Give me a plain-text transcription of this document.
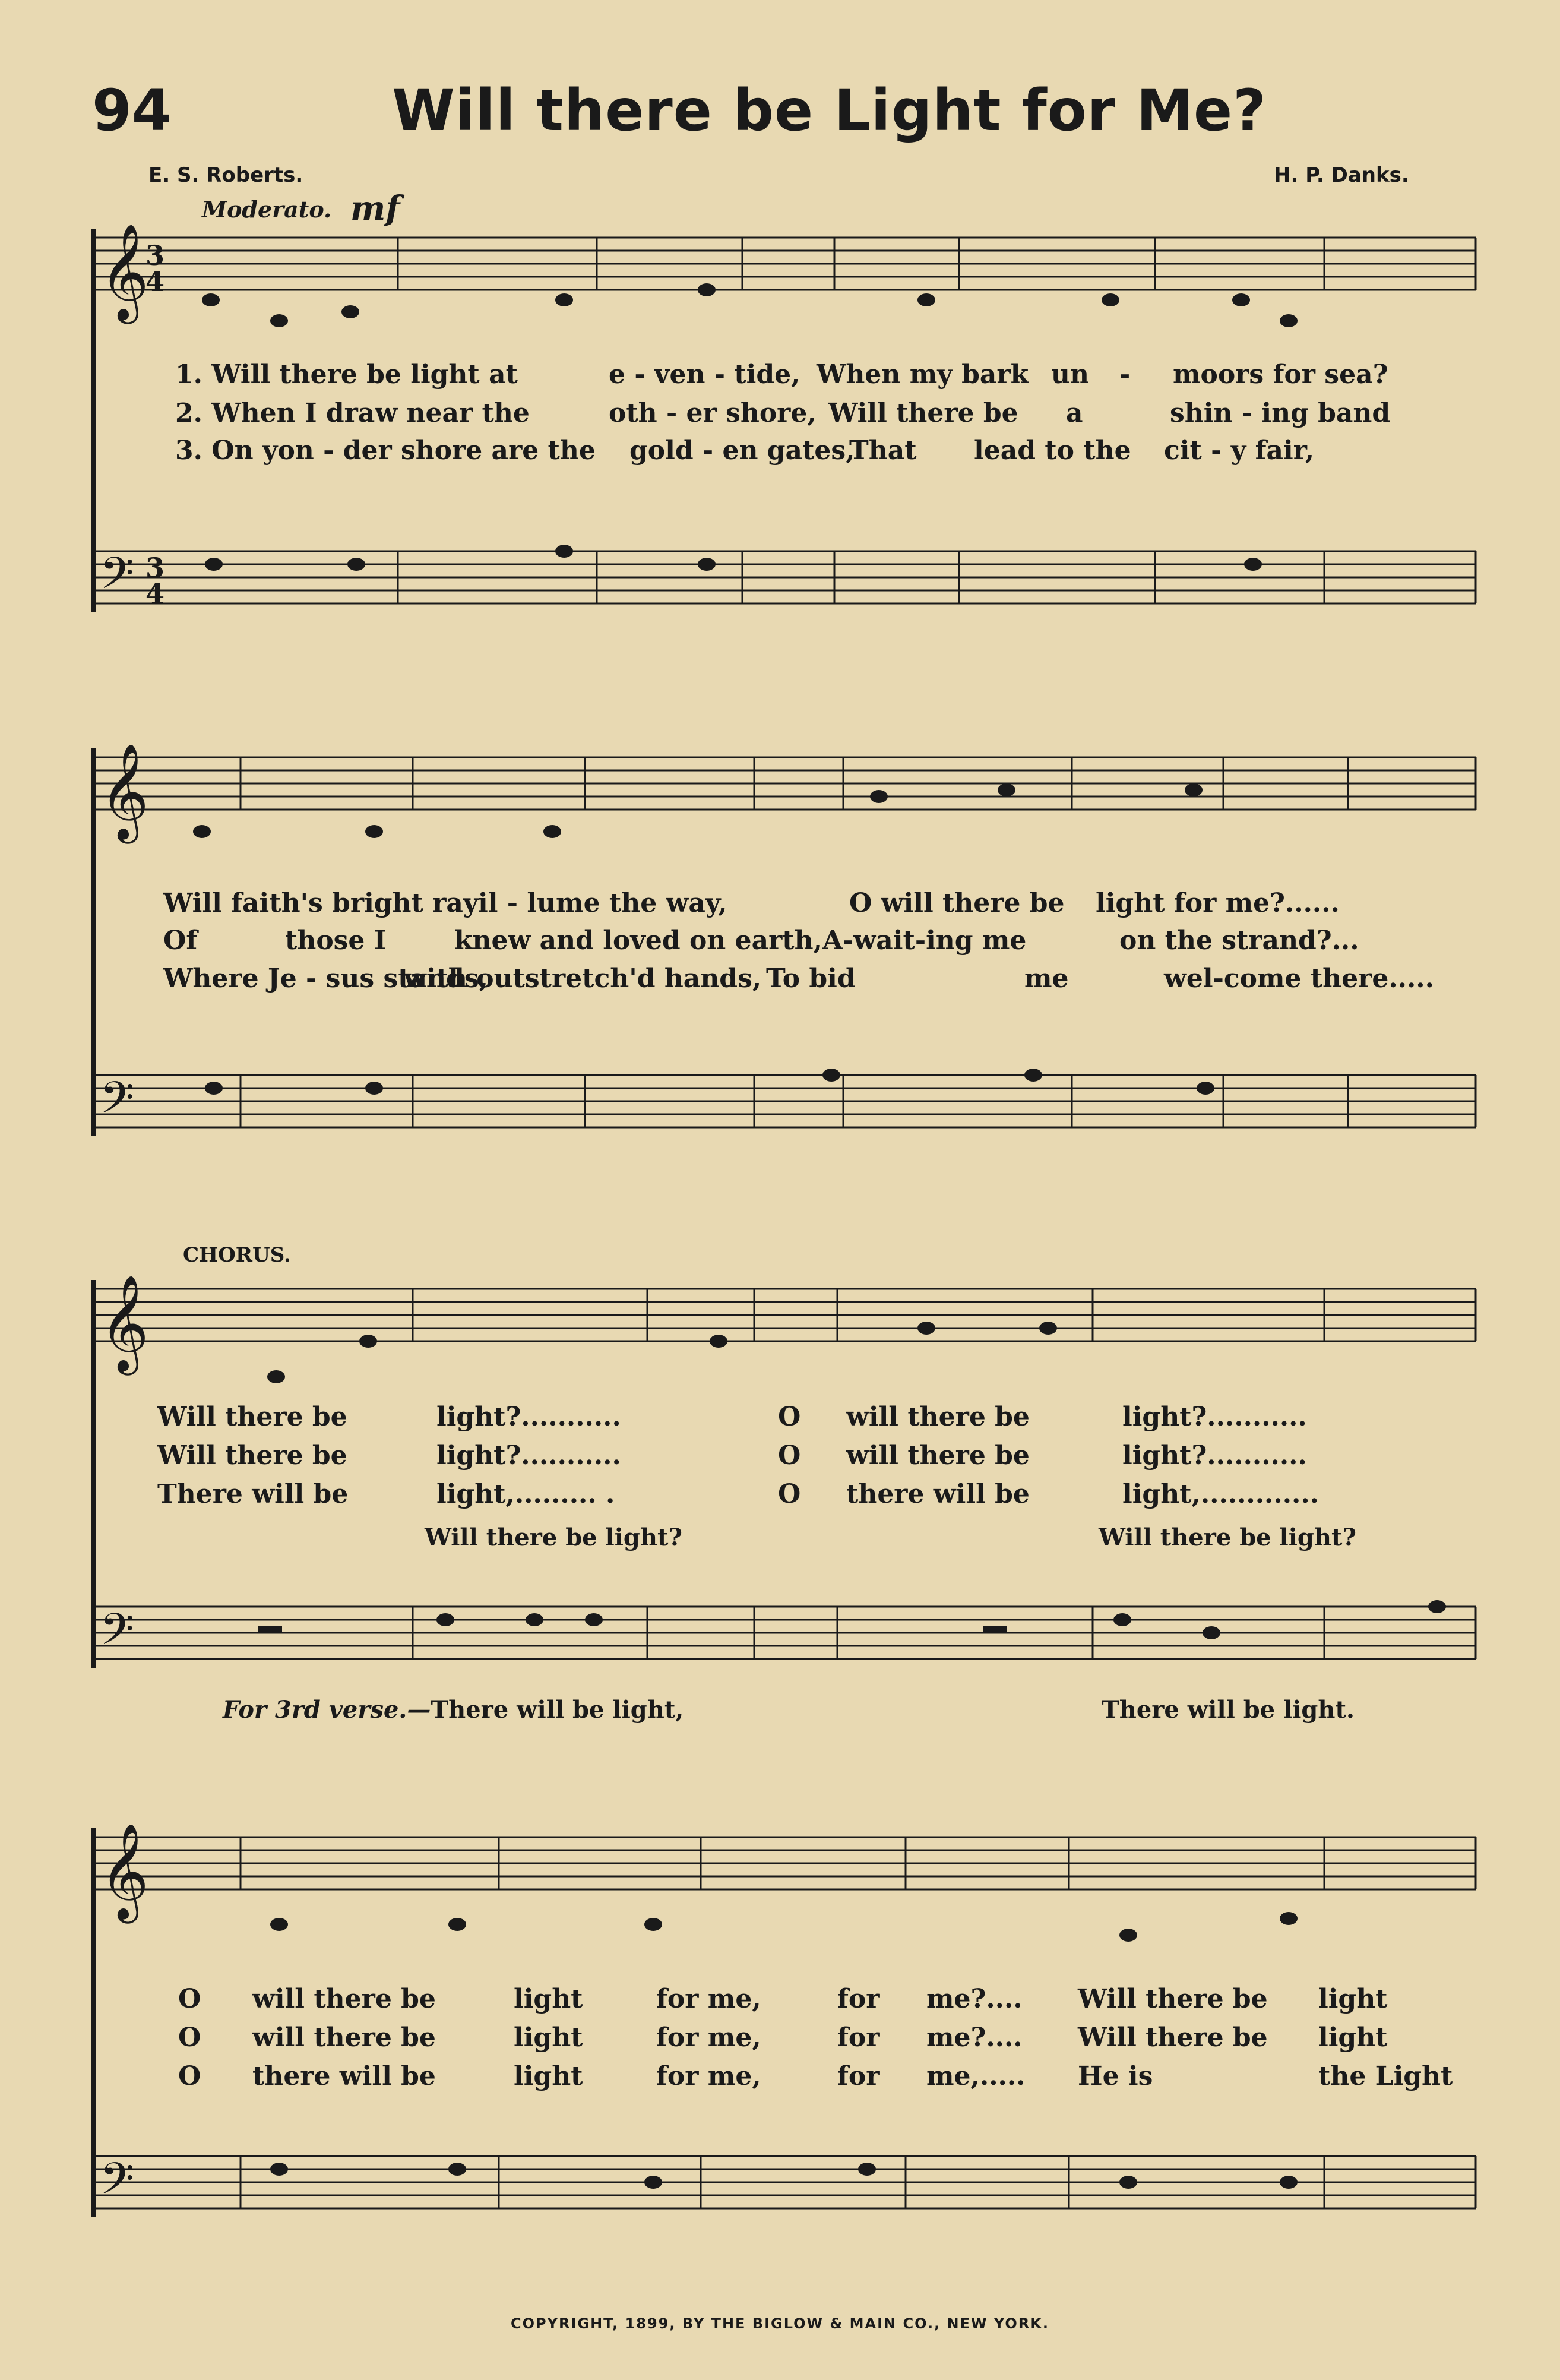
94	Will there be Light for Me?
E. S. Roberts.	H. P. Danks.
Moderato. mf
𝄞
𝄞
𝄞
𝄞
𝄢
𝄢
𝄢
𝄢
3
4
3
4
1. Will there be light at	e - ven - tide, When my bark un - moors for sea?
2. When I draw near the	oth - er shore, Will there be a	shin - ing band
3. On yon - der shore are the gold - en gates,
That lead to the cit - y fair,
Will faith's bright ray il - lume the way,	O will there be light for me?......
Of	those I	knew and loved on earth, A-wait-ing me	on the strand?...
Where Je - sus stands,
with outstretch'd hands, To bid	me	wel-come there.....
CHORUS.
Will there be	light?...........	O will there be	light?...........
Will there be	light?...........	O will there be	light?...........
There will be	light,......... .	O there will be	light,.............
Will there be light?	Will there be light?
For 3rd verse.—There will be light,	There will be light.
O will there be	light	for me,	for me?.... Will there be light
O will there be	light	for me,	for me?.... Will there be light
O there will be	light	for me,	for me,..... He is	the Light
COPYRIGHT, 1899, BY THE BIGLOW & MAIN CO., NEW YORK.
